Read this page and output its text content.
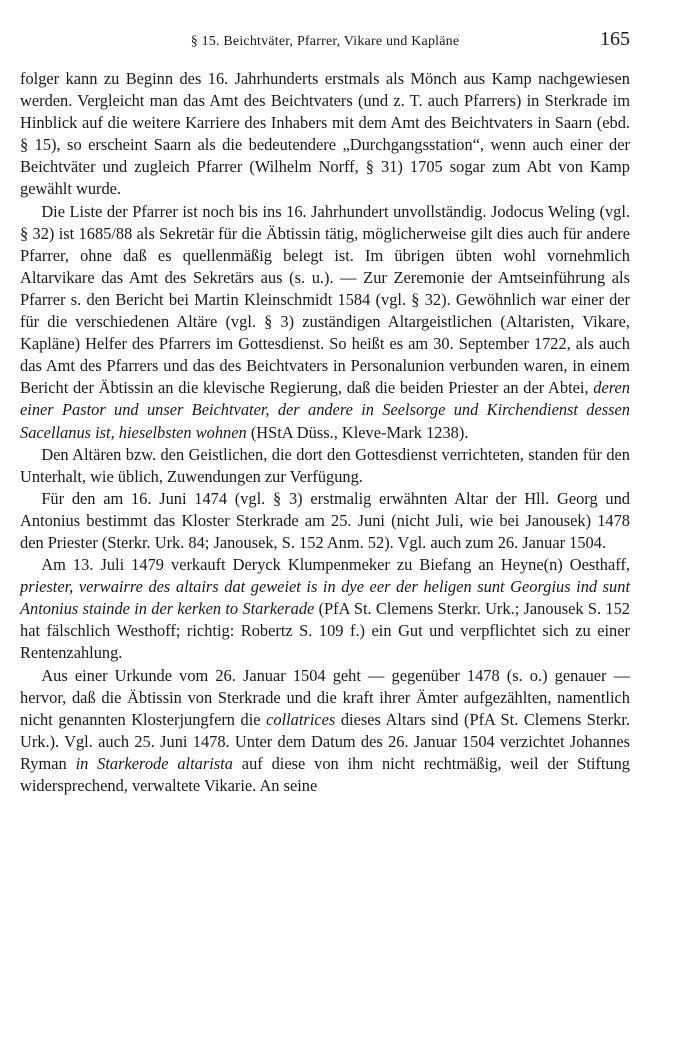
§ 15. Beichtväter, Pfarrer, Vikare und Kapläne	165

folger kann zu Beginn des 16. Jahrhunderts erstmals als Mönch aus Kamp nachgewiesen werden. Vergleicht man das Amt des Beichtvaters (und z. T. auch Pfarrers) in Sterkrade im Hinblick auf die weitere Karriere des Inhabers mit dem Amt des Beichtvaters in Saarn (ebd. § 15), so erscheint Saarn als die bedeutendere „Durchgangsstation“, wenn auch einer der Beichtväter und zugleich Pfarrer (Wilhelm Norff, § 31) 1705 sogar zum Abt von Kamp gewählt wurde.

Die Liste der Pfarrer ist noch bis ins 16. Jahrhundert unvollständig. Jodocus Weling (vgl. § 32) ist 1685/88 als Sekretär für die Äbtissin tätig, möglicherweise gilt dies auch für andere Pfarrer, ohne daß es quellenmäßig belegt ist. Im übrigen übten wohl vornehmlich Altarvikare das Amt des Sekretärs aus (s. u.). — Zur Zeremonie der Amtseinführung als Pfarrer s. den Bericht bei Martin Kleinschmidt 1584 (vgl. § 32). Gewöhnlich war einer der für die verschiedenen Altäre (vgl. § 3) zuständigen Altargeistlichen (Altaristen, Vikare, Kapläne) Helfer des Pfarrers im Gottesdienst. So heißt es am 30. September 1722, als auch das Amt des Pfarrers und das des Beichtvaters in Personalunion verbunden waren, in einem Bericht der Äbtissin an die klevische Regierung, daß die beiden Priester an der Abtei, deren einer Pastor und unser Beichtvater, der andere in Seelsorge und Kirchendienst dessen Sacellanus ist, hieselbsten wohnen (HStA Düss., Kleve-Mark 1238).

Den Altären bzw. den Geistlichen, die dort den Gottesdienst verrichteten, standen für den Unterhalt, wie üblich, Zuwendungen zur Verfügung.

Für den am 16. Juni 1474 (vgl. § 3) erstmalig erwähnten Altar der Hll. Georg und Antonius bestimmt das Kloster Sterkrade am 25. Juni (nicht Juli, wie bei Janousek) 1478 den Priester (Sterkr. Urk. 84; Janousek, S. 152 Anm. 52). Vgl. auch zum 26. Januar 1504.

Am 13. Juli 1479 verkauft Deryck Klumpenmeker zu Biefang an Heyne(n) Oesthaff, priester, verwairre des altairs dat geweiet is in dye eer der heligen sunt Georgius ind sunt Antonius stainde in der kerken to Starkerade (PfA St. Clemens Sterkr. Urk.; Janousek S. 152 hat fälschlich Westhoff; richtig: Robertz S. 109 f.) ein Gut und verpflichtet sich zu einer Rentenzahlung.

Aus einer Urkunde vom 26. Januar 1504 geht — gegenüber 1478 (s. o.) genauer — hervor, daß die Äbtissin von Sterkrade und die kraft ihrer Ämter aufgezählten, namentlich nicht genannten Klosterjungfern die collatrices dieses Altars sind (PfA St. Clemens Sterkr. Urk.). Vgl. auch 25. Juni 1478. Unter dem Datum des 26. Januar 1504 verzichtet Johannes Ryman in Starkerode altarista auf diese von ihm nicht rechtmäßig, weil der Stiftung widersprechend, verwaltete Vikarie. An seine
